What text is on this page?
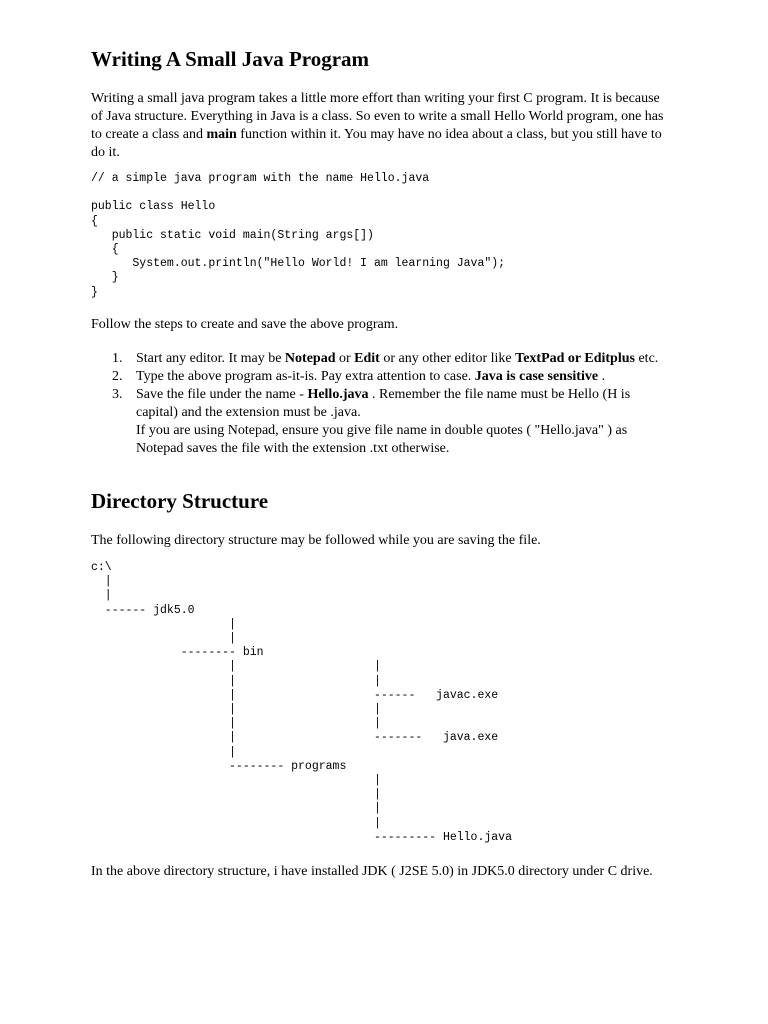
Writing A Small Java Program

Writing a small java program takes a little more effort than writing your first C program. It is because of Java structure. Everything in Java is a class. So even to write a small Hello World program, one has to create a class and main function within it. You may have no idea about a class, but you still have to do it.

// a simple java program with the name Hello.java

public class Hello
{
public static void main(String args[])
{
System.out.println("Hello World! I am learning Java");
}
}

Follow the steps to create and save the above program.

1. Start any editor. It may be Notepad or Edit or any other editor like TextPad or Editplus etc.
2. Type the above program as-it-is. Pay extra attention to case. Java is case sensitive .
3. Save the file under the name - Hello.java . Remember the file name must be Hello (H is capital) and the extension must be .java.
If you are using Notepad, ensure you give file name in double quotes ( "Hello.java" ) as Notepad saves the file with the extension .txt otherwise.
Directory Structure

The following directory structure may be followed while you are saving the file.

c:\
|
|
------ jdk5.0
|
|
-------- bin
|                    |
|                    |
|                    ------   javac.exe
|                    |
|                    |
|                    -------   java.exe
|
-------- programs
|
|
|
|
--------- Hello.java

In the above directory structure, i have installed JDK ( J2SE 5.0) in JDK5.0 directory under C drive.
